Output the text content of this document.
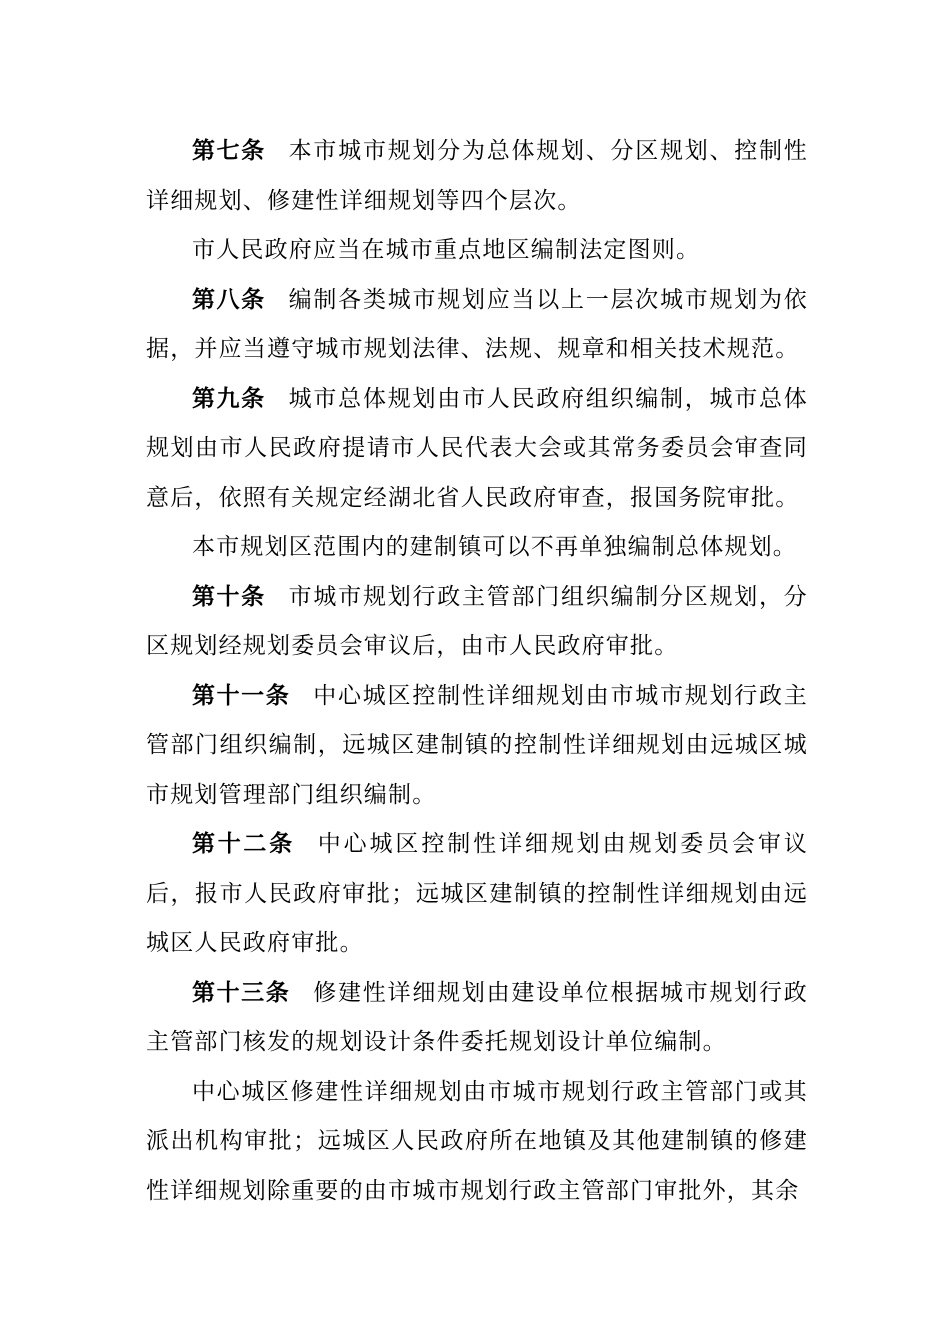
第七条 本市城市规划分为总体规划、分区规划、控制性详细规划、修建性详细规划等四个层次。

市人民政府应当在城市重点地区编制法定图则。

第八条 编制各类城市规划应当以上一层次城市规划为依据，并应当遵守城市规划法律、法规、规章和相关技术规范。

第九条 城市总体规划由市人民政府组织编制，城市总体规划由市人民政府提请市人民代表大会或其常务委员会审查同意后，依照有关规定经湖北省人民政府审查，报国务院审批。

本市规划区范围内的建制镇可以不再单独编制总体规划。

第十条 市城市规划行政主管部门组织编制分区规划，分区规划经规划委员会审议后，由市人民政府审批。

第十一条 中心城区控制性详细规划由市城市规划行政主管部门组织编制，远城区建制镇的控制性详细规划由远城区城市规划管理部门组织编制。

第十二条 中心城区控制性详细规划由规划委员会审议后，报市人民政府审批；远城区建制镇的控制性详细规划由远城区人民政府审批。

第十三条 修建性详细规划由建设单位根据城市规划行政主管部门核发的规划设计条件委托规划设计单位编制。

中心城区修建性详细规划由市城市规划行政主管部门或其派出机构审批；远城区人民政府所在地镇及其他建制镇的修建性详细规划除重要的由市城市规划行政主管部门审批外，其余
